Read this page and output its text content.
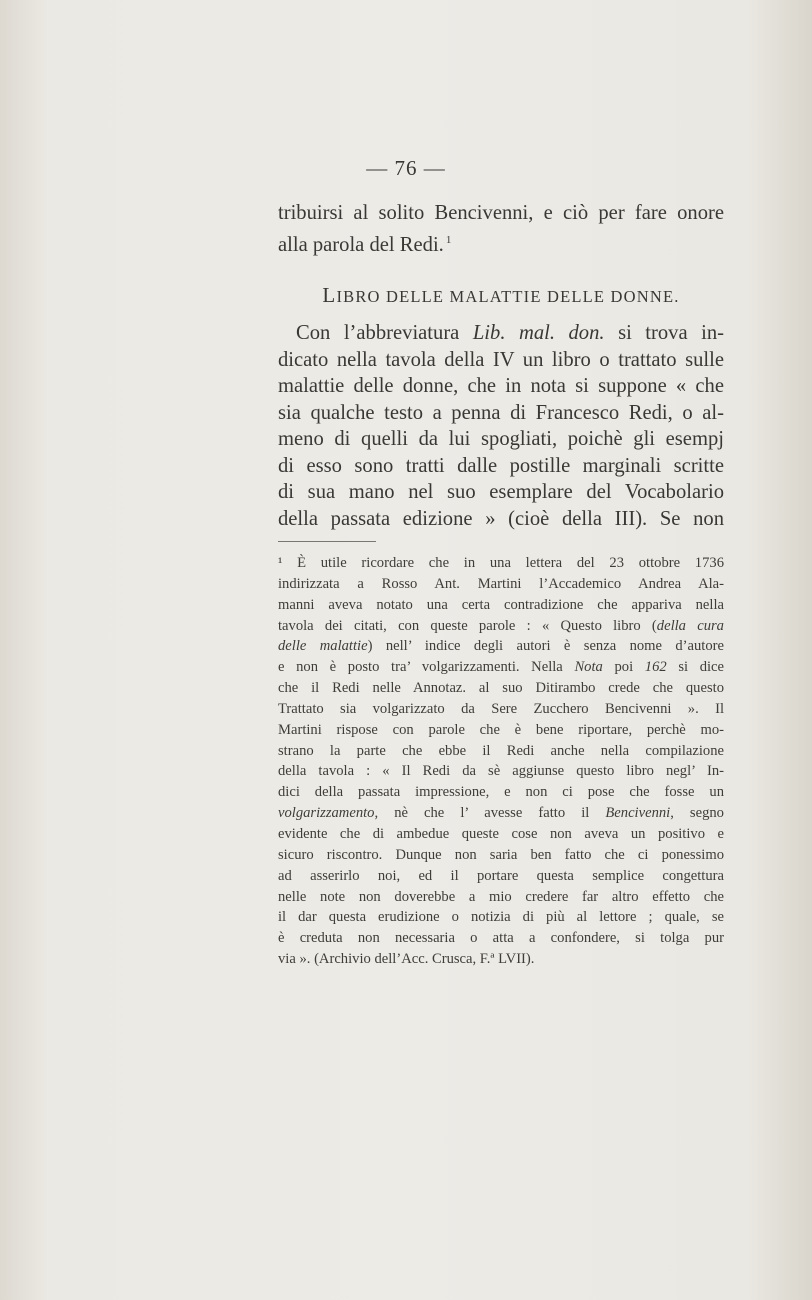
— 76 —
tribuirsi al solito Bencivenni, e ciò per fare onore
alla parola del Redi. $^1$
LIBRO DELLE MALATTIE DELLE DONNE.
Con l’abbreviatura Lib. mal. don. si trova in-
dicato nella tavola della IV un libro o trattato sulle
malattie delle donne, che in nota si suppone « che
sia qualche testo a penna di Francesco Redi, o al-
meno di quelli da lui spogliati, poichè gli esempj
di esso sono tratti dalle postille marginali scritte
di sua mano nel suo esemplare del Vocabolario
della passata edizione » (cioè della III). Se non
¹ È utile ricordare che in una lettera del 23 ottobre 1736
indirizzata a Rosso Ant. Martini l’Accademico Andrea Ala-
manni aveva notato una certa contradizione che appariva nella
tavola dei citati, con queste parole : « Questo libro (della cura
delle malattie) nell’ indice degli autori è senza nome d’autore
e non è posto tra’ volgarizzamenti. Nella Nota poi 162 si dice
che il Redi nelle Annotaz. al suo Ditirambo crede che questo
Trattato sia volgarizzato da Sere Zucchero Bencivenni ». Il
Martini rispose con parole che è bene riportare, perchè mo-
strano la parte che ebbe il Redi anche nella compilazione
della tavola : « Il Redi da sè aggiunse questo libro negl’ In-
dici della passata impressione, e non ci pose che fosse un
volgarizzamento, nè che l’ avesse fatto il Bencivenni, segno
evidente che di ambedue queste cose non aveva un positivo e
sicuro riscontro. Dunque non saria ben fatto che ci ponessimo
ad asserirlo noi, ed il portare questa semplice congettura
nelle note non doverebbe a mio credere far altro effetto che
il dar questa erudizione o notizia di più al lettore ; quale, se
è creduta non necessaria o atta a confondere, si tolga pur
via ». (Archivio dell’Acc. Crusca, F.ª LVII).
